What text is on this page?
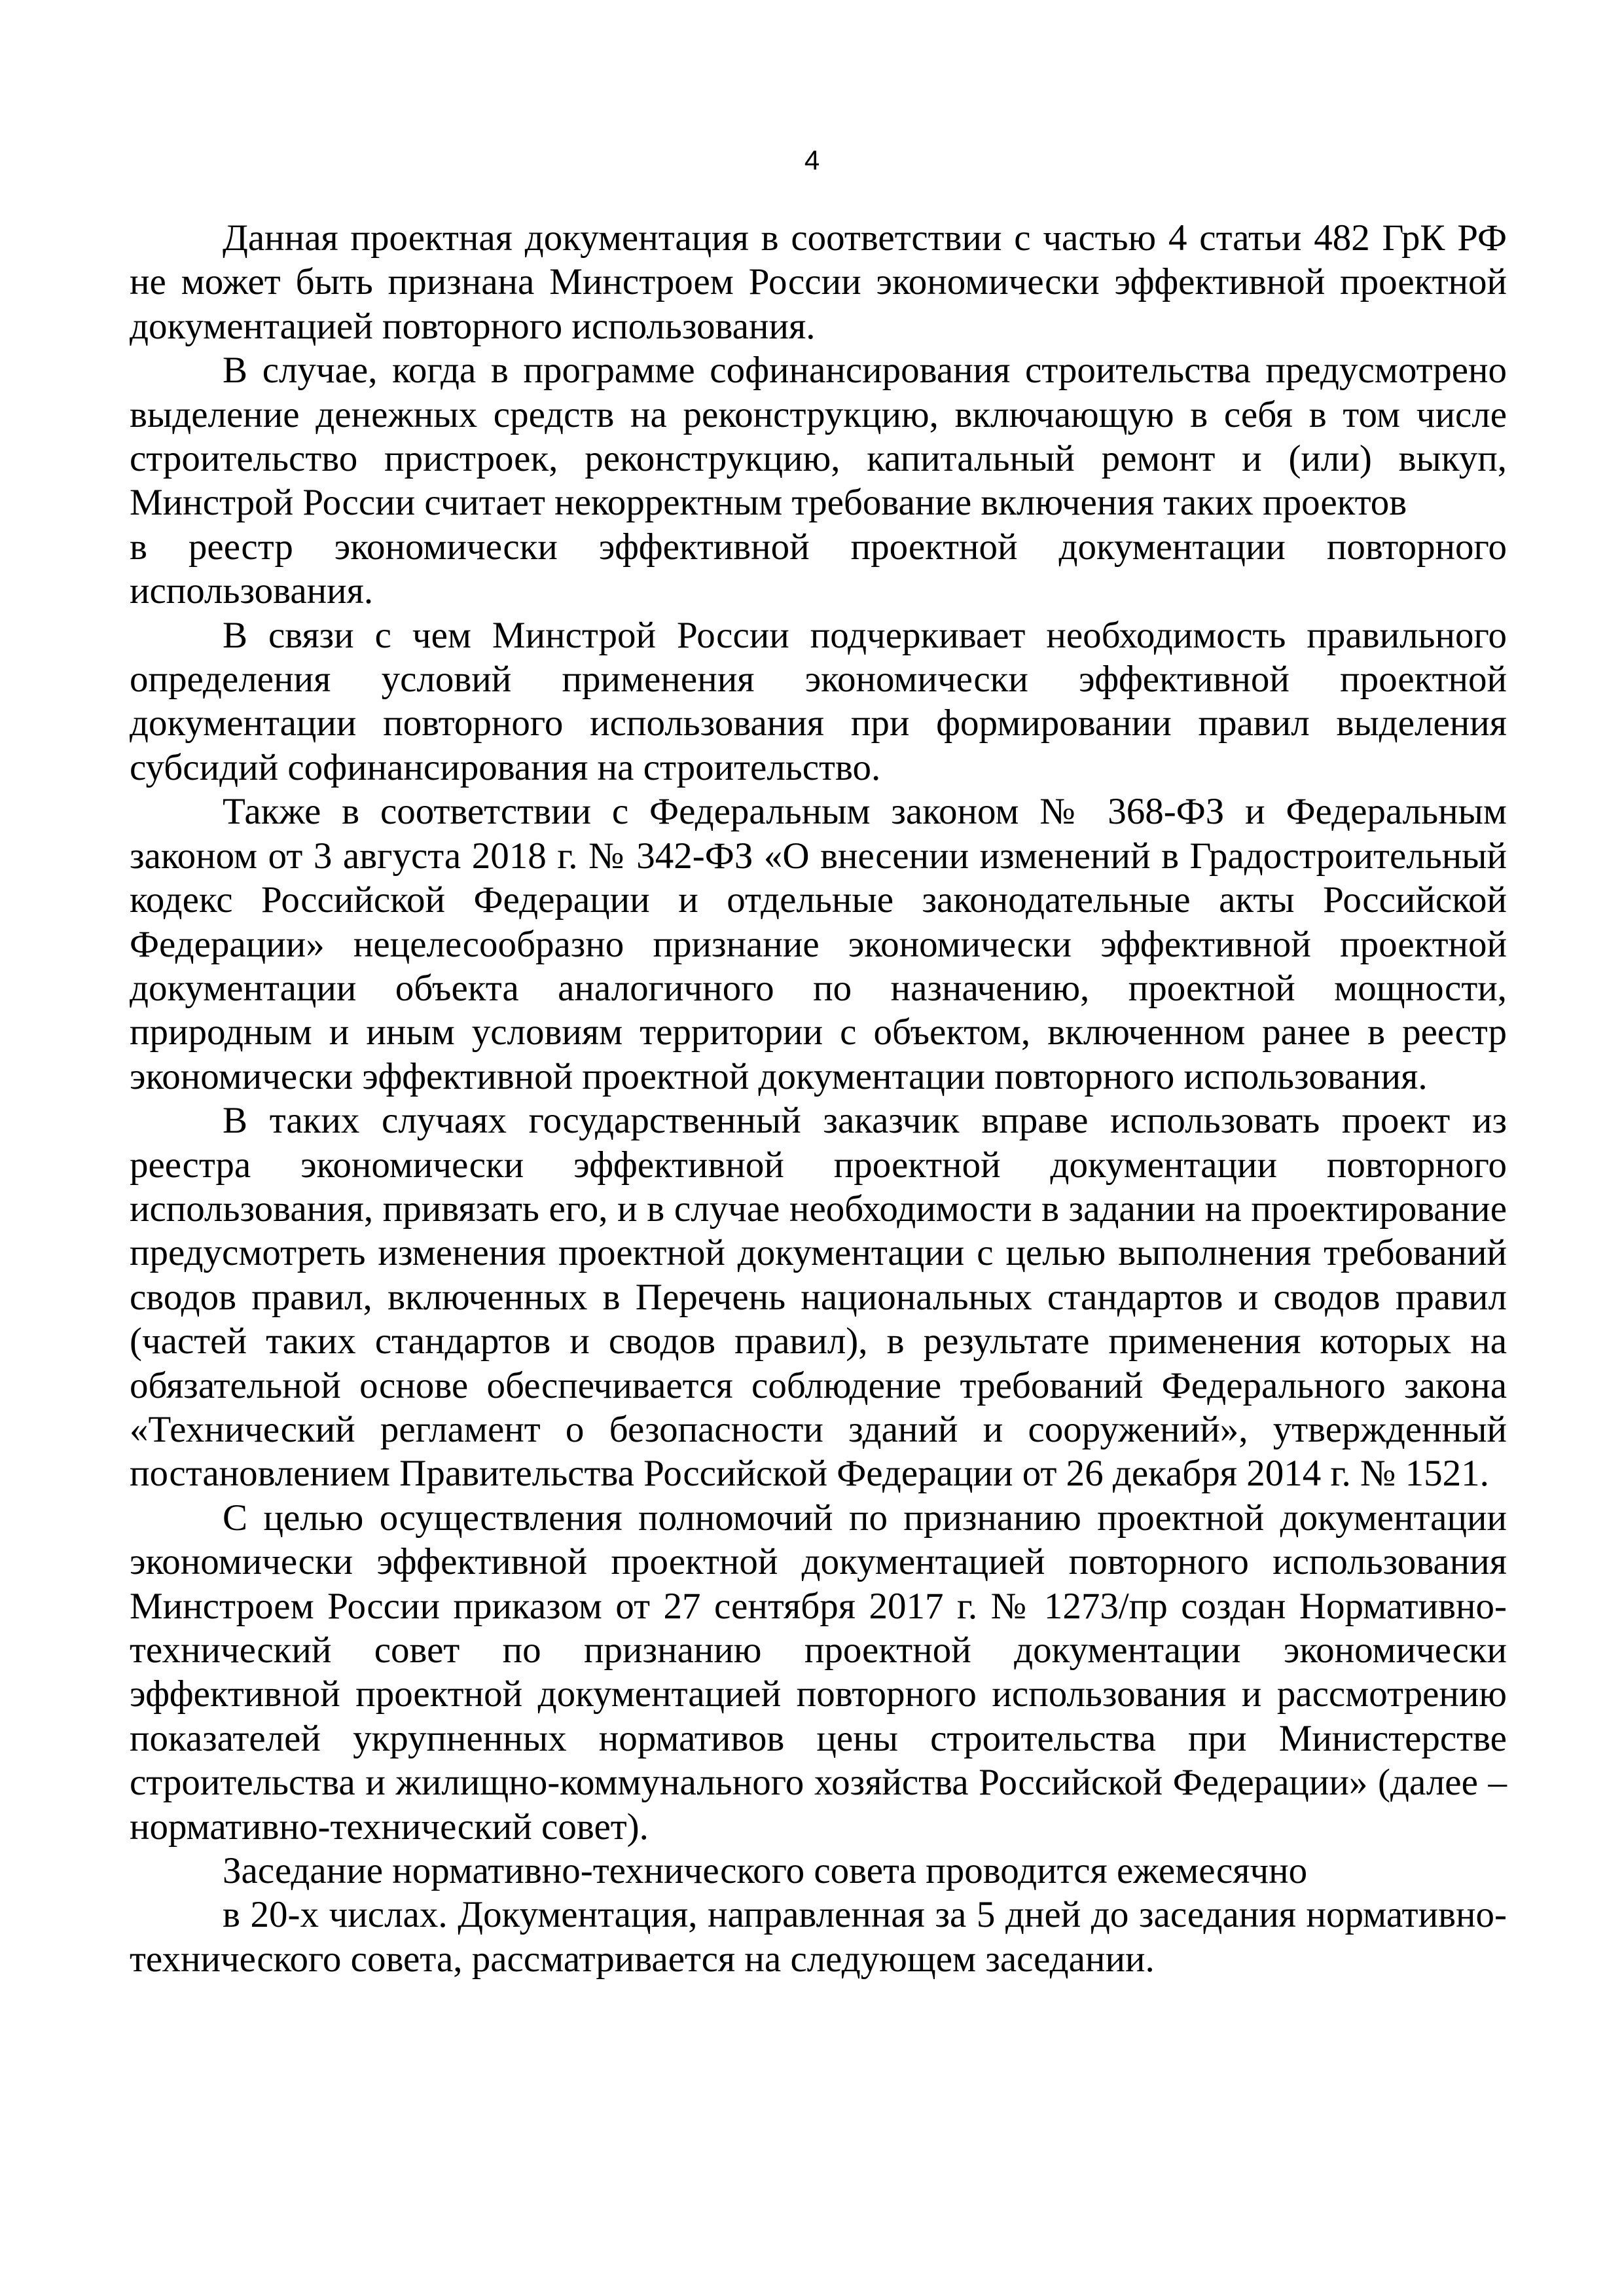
4

Данная проектная документация в соответствии с частью 4 статьи 482 ГрК РФ не может быть признана Минстроем России экономически эффективной проектной документацией повторного использования.

В случае, когда в программе софинансирования строительства предусмотрено выделение денежных средств на реконструкцию, включающую в себя в том числе строительство пристроек, реконструкцию, капитальный ремонт и (или) выкуп, Минстрой России считает некорректным требование включения таких проектов

в реестр экономически эффективной проектной документации повторного использования.

В связи с чем Минстрой России подчеркивает необходимость правильного определения условий применения экономически эффективной проектной документации повторного использования при формировании правил выделения субсидий софинансирования на строительство.

Также в соответствии с Федеральным законом № 368-ФЗ и Федеральным законом от 3 августа 2018 г. № 342-ФЗ «О внесении изменений в Градостроительный кодекс Российской Федерации и отдельные законодательные акты Российской Федерации» нецелесообразно признание экономически эффективной проектной документации объекта аналогичного по назначению, проектной мощности, природным и иным условиям территории с объектом, включенном ранее в реестр экономически эффективной проектной документации повторного использования.

В таких случаях государственный заказчик вправе использовать проект из реестра экономически эффективной проектной документации повторного использования, привязать его, и в случае необходимости в задании на проектирование предусмотреть изменения проектной документации с целью выполнения требований сводов правил, включенных в Перечень национальных стандартов и сводов правил (частей таких стандартов и сводов правил), в результате применения которых на обязательной основе обеспечивается соблюдение требований Федерального закона «Технический регламент о безопасности зданий и сооружений», утвержденный постановлением Правительства Российской Федерации от 26 декабря 2014 г. № 1521.

С целью осуществления полномочий по признанию проектной документации экономически эффективной проектной документацией повторного использования Минстроем России приказом от 27 сентября 2017 г. № 1273/пр создан Нормативно-технический совет по признанию проектной документации экономически эффективной проектной документацией повторного использования и рассмотрению показателей укрупненных нормативов цены строительства при Министерстве строительства и жилищно-коммунального хозяйства Российской Федерации» (далее – нормативно-технический совет).

Заседание нормативно-технического совета проводится ежемесячно

в 20-х числах. Документация, направленная за 5 дней до заседания нормативно-технического совета, рассматривается на следующем заседании.
